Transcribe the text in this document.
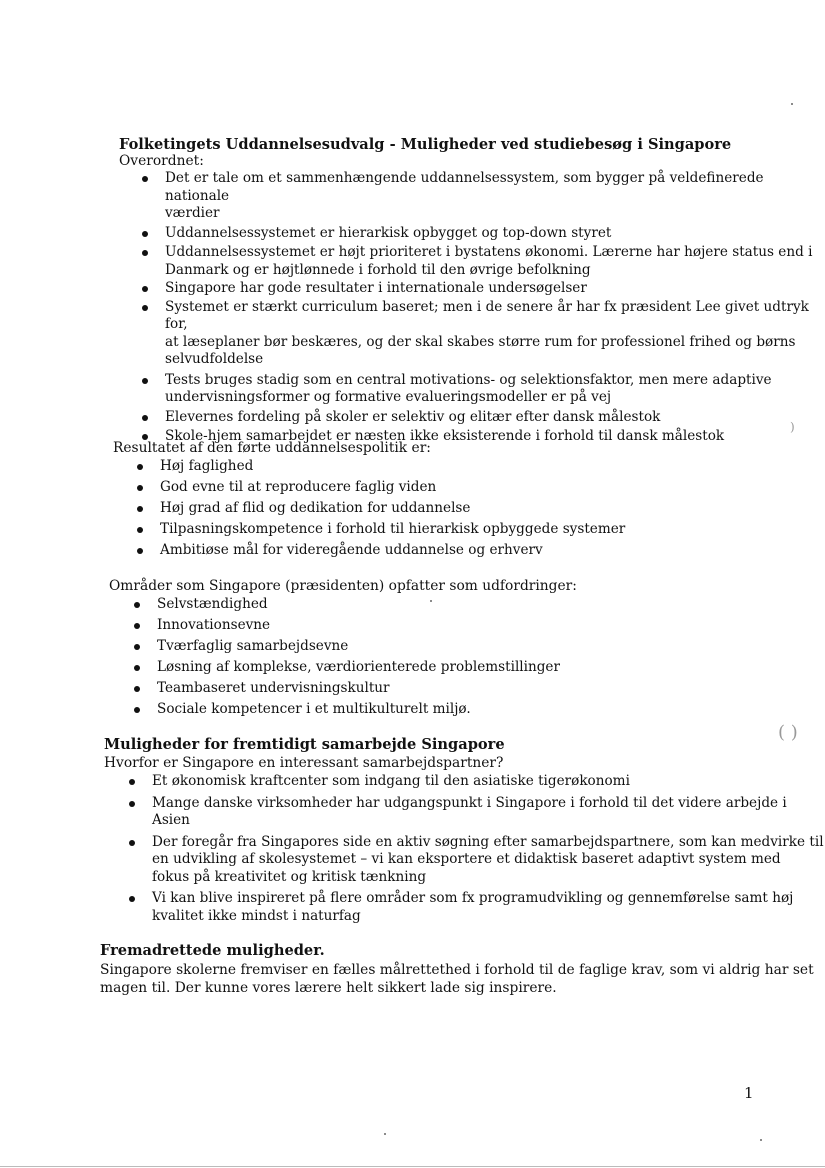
Folketingets Uddannelsesudvalg - Muligheder ved studiebesøg i Singapore
Overordnet:
Det er tale om et sammenhængende uddannelsessystem, som bygger på veldefinerede nationale
værdier
Uddannelsessystemet er hierarkisk opbygget og top-down styret
Uddannelsessystemet er højt prioriteret i bystatens økonomi. Lærerne har højere status end i
Danmark og er højtlønnede i forhold til den øvrige befolkning
Singapore har gode resultater i internationale undersøgelser
Systemet er stærkt curriculum baseret; men i de senere år har fx præsident Lee givet udtryk for,
at læseplaner bør beskæres, og der skal skabes større rum for professionel frihed og børns
selvudfoldelse
Tests bruges stadig som en central motivations- og selektionsfaktor, men mere adaptive
undervisningsformer og formative evalueringsmodeller er på vej
Elevernes fordeling på skoler er selektiv og elitær efter dansk målestok
Skole-hjem samarbejdet er næsten ikke eksisterende i forhold til dansk målestok
Resultatet af den førte uddannelsespolitik er:
Høj faglighed
God evne til at reproducere faglig viden
Høj grad af flid og dedikation for uddannelse
Tilpasningskompetence i forhold til hierarkisk opbyggede systemer
Ambitiøse mål for videregående uddannelse og erhverv
Områder som Singapore (præsidenten) opfatter som udfordringer:
Selvstændighed
Innovationsevne
Tværfaglig samarbejdsevne
Løsning af komplekse, værdiorienterede problemstillinger
Teambaseret undervisningskultur
Sociale kompetencer i et multikulturelt miljø.
Muligheder for fremtidigt samarbejde Singapore
Hvorfor er Singapore en interessant samarbejdspartner?
Et økonomisk kraftcenter som indgang til den asiatiske tigerøkonomi
Mange danske virksomheder har udgangspunkt i Singapore i forhold til det videre arbejde i
Asien
Der foregår fra Singapores side en aktiv søgning efter samarbejdspartnere, som kan medvirke til
en udvikling af skolesystemet – vi kan eksportere et didaktisk baseret adaptivt system med
fokus på kreativitet og kritisk tænkning
Vi kan blive inspireret på flere områder som fx programudvikling og gennemførelse samt høj
kvalitet ikke mindst i naturfag
Fremadrettede muligheder.
Singapore skolerne fremviser en fælles målrettethed i forhold til de faglige krav, som vi aldrig har set
magen til. Der kunne vores lærere helt sikkert lade sig inspirere.
1
)
( )
